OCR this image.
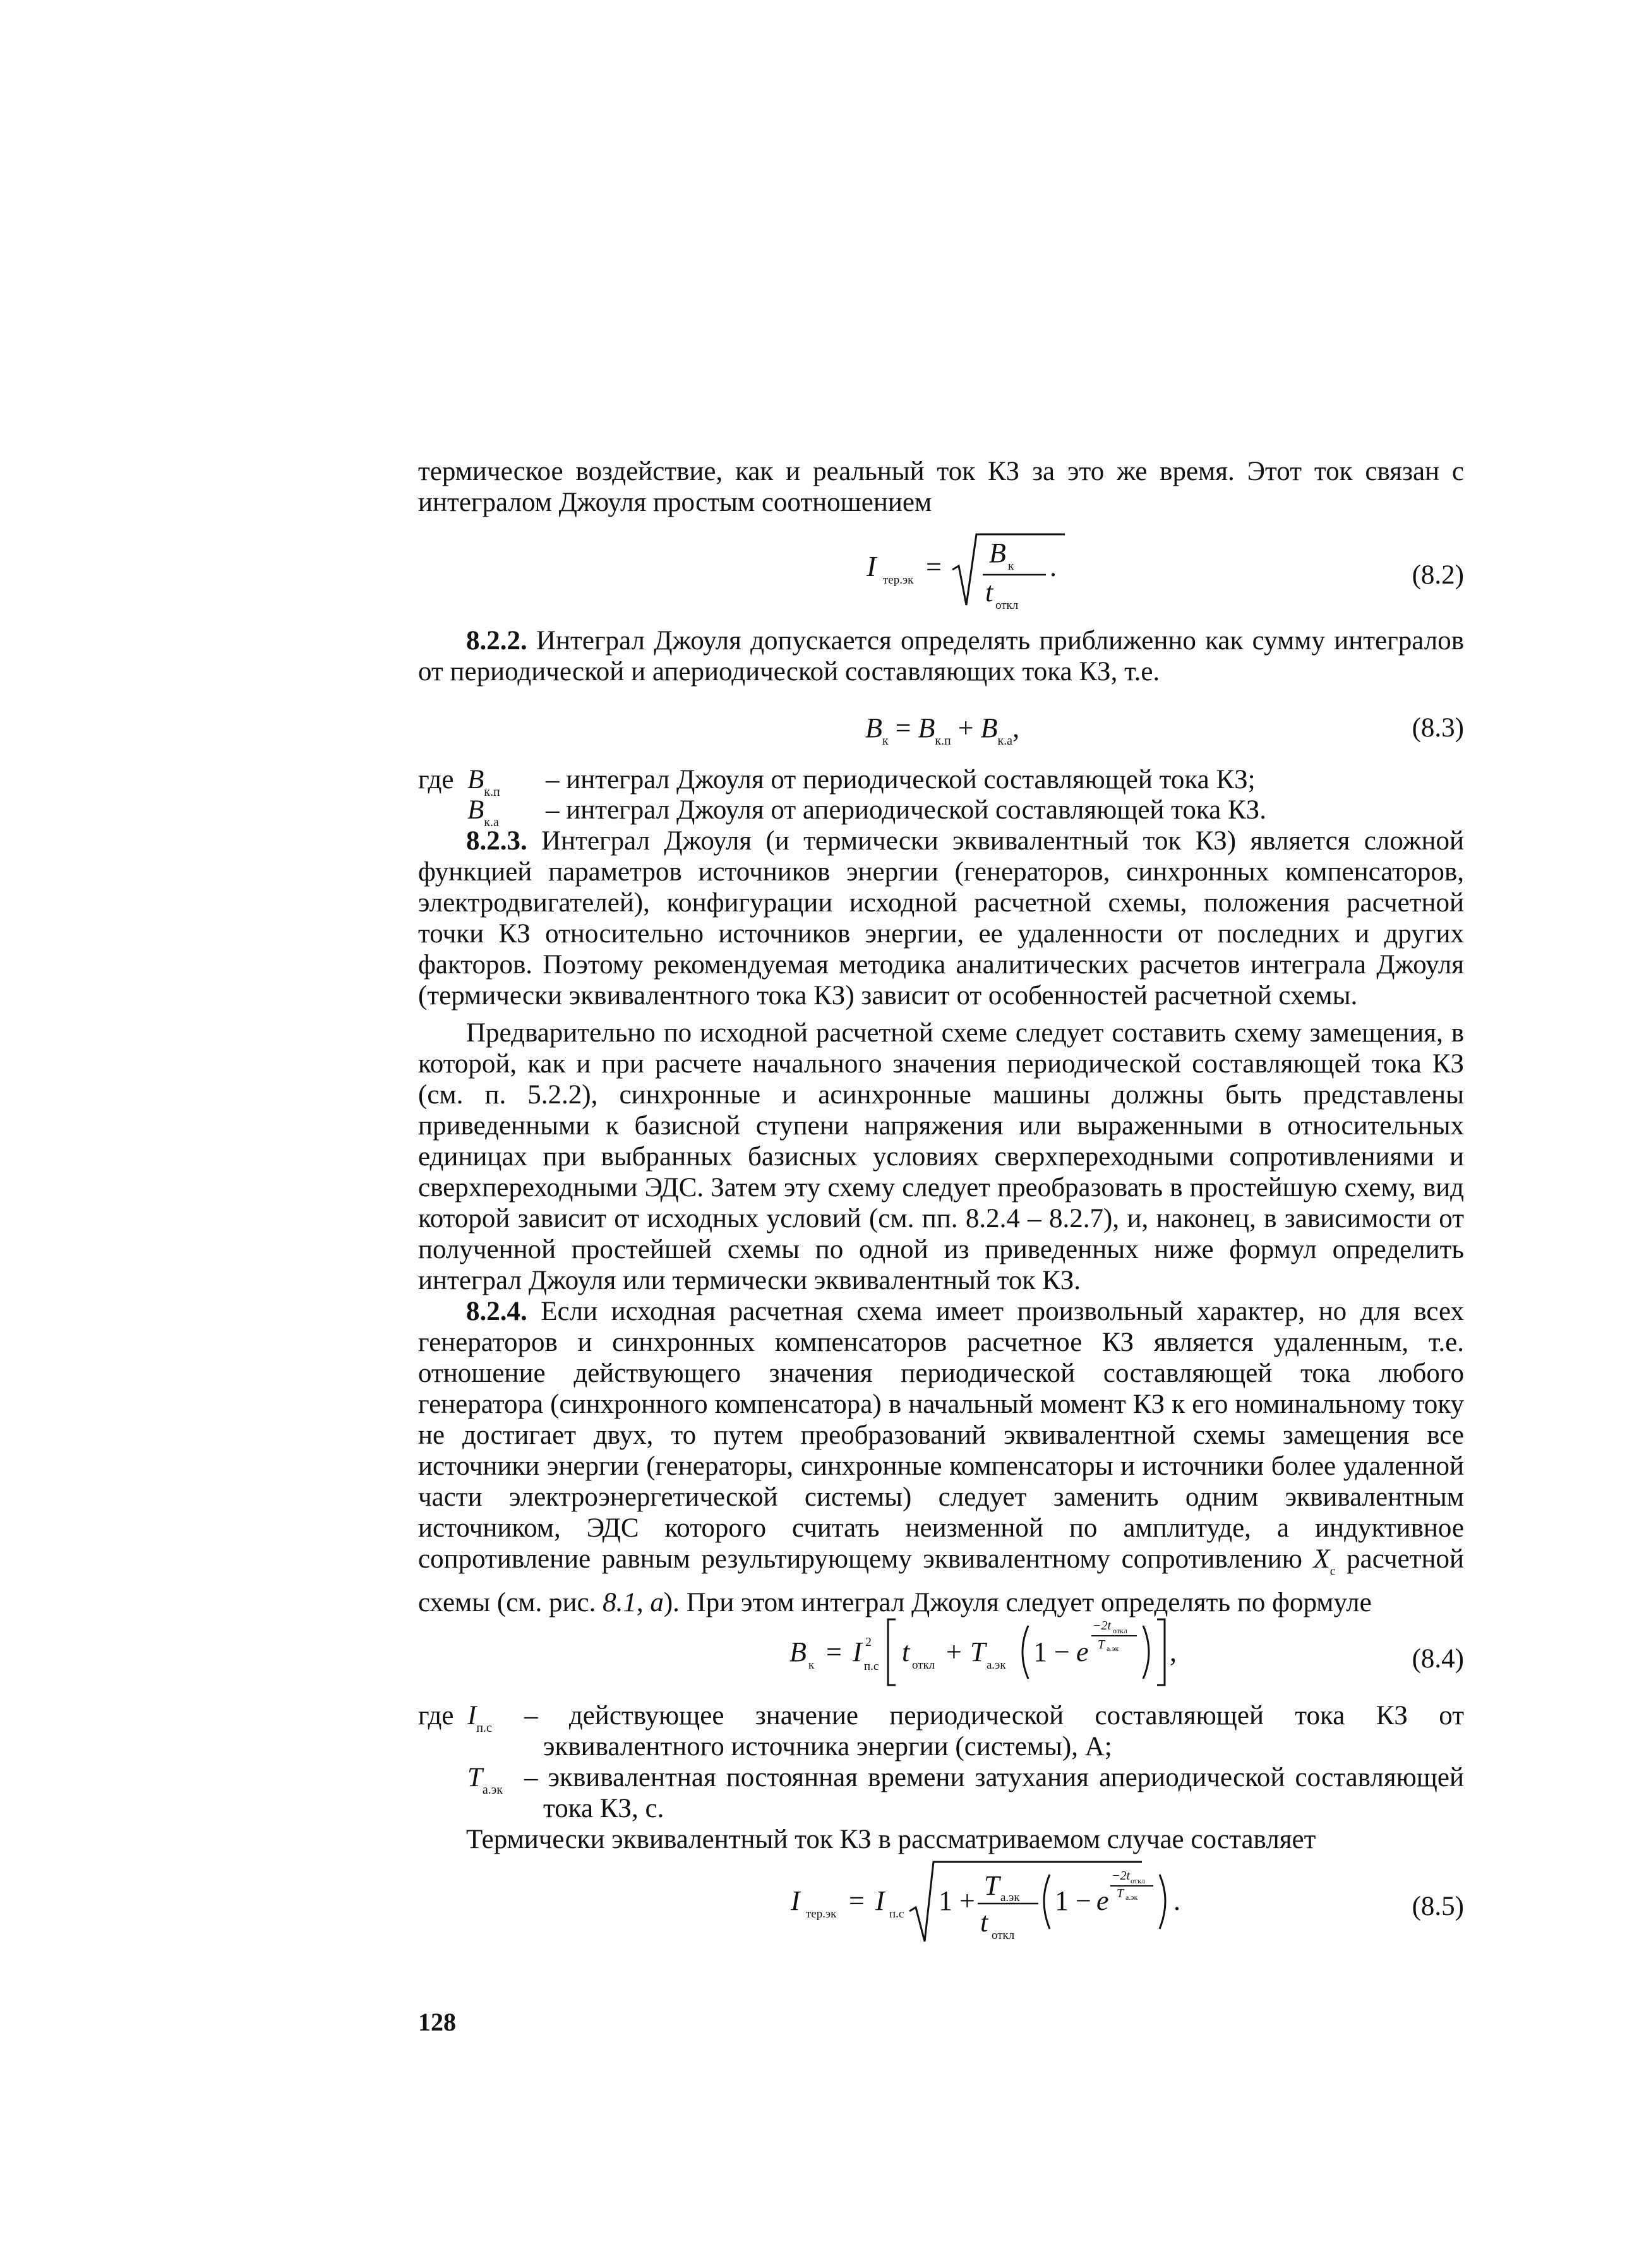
термическое воздействие, как и реальный ток КЗ за это же время. Этот ток связан с интегралом Джоуля простым соотношением

I тер.эк = B к
t откл
.	(8.2)

8.2.2. Интеграл Джоуля допускается определять приближенно как сумму интегралов от периодической и апериодической составляющих тока КЗ, т.е.

$B_к = B_{к.п} + B_{к.а}$,	(8.3)
где $B_{к.п}$ – интеграл Джоуля от периодической составляющей тока КЗ;
$B_{к.а}$ – интеграл Джоуля от апериодической составляющей тока КЗ.

8.2.3. Интеграл Джоуля (и термически эквивалентный ток КЗ) является сложной функцией параметров источников энергии (генераторов, синхронных компенсаторов, электродвигателей), конфигурации исходной расчетной схемы, положения расчетной точки КЗ относительно источников энергии, ее удаленности от последних и других факторов. Поэтому рекомендуемая методика аналитических расчетов интеграла Джоуля (термически эквивалентного тока КЗ) зависит от особенностей расчетной схемы.

Предварительно по исходной расчетной схеме следует составить схему замещения, в которой, как и при расчете начального значения периодической составляющей тока КЗ (см. п. 5.2.2), синхронные и асинхронные машины должны быть представлены приведенными к базисной ступени напряжения или выраженными в относительных единицах при выбранных базисных условиях сверхпереходными сопротивлениями и сверхпереходными ЭДС. Затем эту схему следует преобразовать в простейшую схему, вид которой зависит от исходных условий (см. пп. 8.2.4 – 8.2.7), и, наконец, в зависимости от полученной простейшей схемы по одной из приведенных ниже формул определить интеграл Джоуля или термически эквивалентный ток КЗ.

8.2.4. Если исходная расчетная схема имеет произвольный характер, но для всех генераторов и синхронных компенсаторов расчетное КЗ является удаленным, т.е. отношение действующего значения периодической составляющей тока любого генератора (синхронного компенсатора) в начальный момент КЗ к его номинальному току не достигает двух, то путем преобразований эквивалентной схемы замещения все источники энергии (генераторы, синхронные компенсаторы и источники более удаленной части электроэнергетической системы) следует заменить одним эквивалентным источником, ЭДС которого считать неизменной по амплитуде, а индуктивное сопротивление равным результирующему эквивалентному сопротивлению $X_c$ расчетной схемы (см. рис. 8.1, а). При этом интеграл Джоуля следует определять по формуле

B к = I 2
п.c t откл + T а.эк 1 − e
−2t откл
T а.эк ,	(8.4)
где $I_{п.с}$ – действующее значение периодической составляющей тока КЗ от эквивалентного источника энергии (системы), А;
$T_{а.эк}$ – эквивалентная постоянная времени затухания апериодической составляющей тока КЗ, с.

Термически эквивалентный ток КЗ в рассматриваемом случае составляет

I тер.эк = I п.c 1 + T а.эк
t откл
1 − e
−2t откл
T а.эк .	(8.5)
128
